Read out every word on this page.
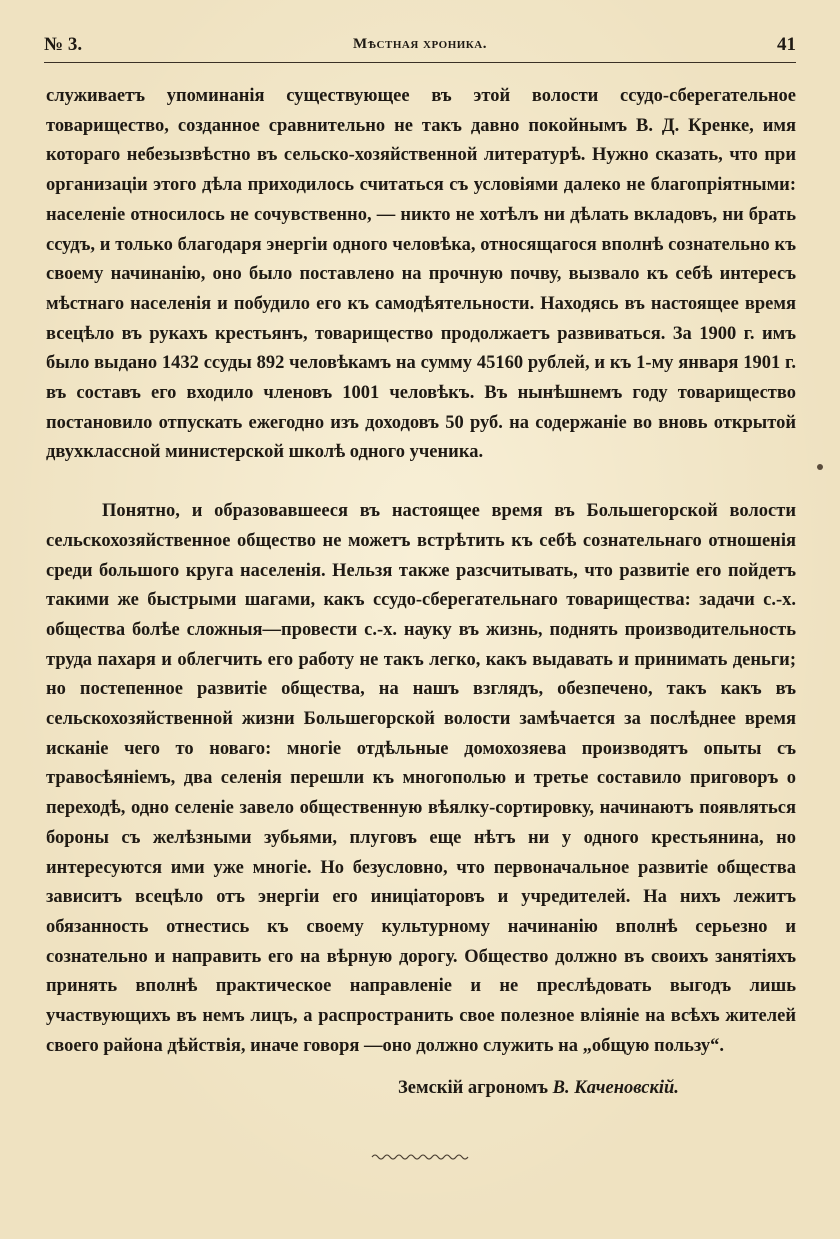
№ 3.	Мѣстная хроника.	41

служиваетъ упоминанія существующее въ этой волости ссудо-сберегательное товарищество, созданное сравнительно не такъ давно покойнымъ В. Д. Кренке, имя котораго небезызвѣстно въ сельско-хозяйственной литературѣ. Нужно сказать, что при организаціи этого дѣла приходилось считаться съ условіями далеко не благопріятными: населеніе относилось не сочувственно, — никто не хотѣлъ ни дѣлать вкладовъ, ни брать ссудъ, и только благодаря энергіи одного человѣка, относящагося вполнѣ сознательно къ своему начинанію, оно было поставлено на прочную почву, вызвало къ себѣ интересъ мѣстнаго населенія и побудило его къ самодѣятельности. Находясь въ настоящее время всецѣло въ рукахъ крестьянъ, товарищество продолжаетъ развиваться. За 1900 г. имъ было выдано 1432 ссуды 892 человѣкамъ на сумму 45160 рублей, и къ 1-му января 1901 г. въ составъ его входило членовъ 1001 человѣкъ. Въ нынѣшнемъ году товарищество постановило отпускать ежегодно изъ доходовъ 50 руб. на содержаніе во вновь открытой двухклассной министерской школѣ одного ученика.

Понятно, и образовавшееся въ настоящее время въ Большегорской волости сельскохозяйственное общество не можетъ встрѣтить къ себѣ сознательнаго отношенія среди большого круга населенія. Нельзя также разсчитывать, что развитіе его пойдетъ такими же быстрыми шагами, какъ ссудо-сберегательнаго товарищества: задачи с.-х. общества болѣе сложныя—провести с.-х. науку въ жизнь, поднять производительность труда пахаря и облегчить его работу не такъ легко, какъ выдавать и принимать деньги; но постепенное развитіе общества, на нашъ взглядъ, обезпечено, такъ какъ въ сельскохозяйственной жизни Большегорской волости замѣчается за послѣднее время исканіе чего то новаго: многіе отдѣльные домохозяева производятъ опыты съ травосѣяніемъ, два селенія перешли къ многополью и третье составило приговоръ о переходѣ, одно селеніе завело общественную вѣялку-сортировку, начинаютъ появляться бороны съ желѣзными зубьями, плуговъ еще нѣтъ ни у одного крестьянина, но интересуются ими уже многіе. Но безусловно, что первоначальное развитіе общества зависитъ всецѣло отъ энергіи его иниціаторовъ и учредителей. На нихъ лежитъ обязанность отнестись къ своему культурному начинанію вполнѣ серьезно и сознательно и направить его на вѣрную дорогу. Общество должно въ своихъ занятіяхъ принять вполнѣ практическое направленіе и не преслѣдовать выгодъ лишь участвующихъ въ немъ лицъ, а распространить свое полезное вліяніе на всѣхъ жителей своего района дѣйствія, иначе говоря —оно должно служить на „общую пользу“.

Земскій агрономъ В. Каченовскій.
